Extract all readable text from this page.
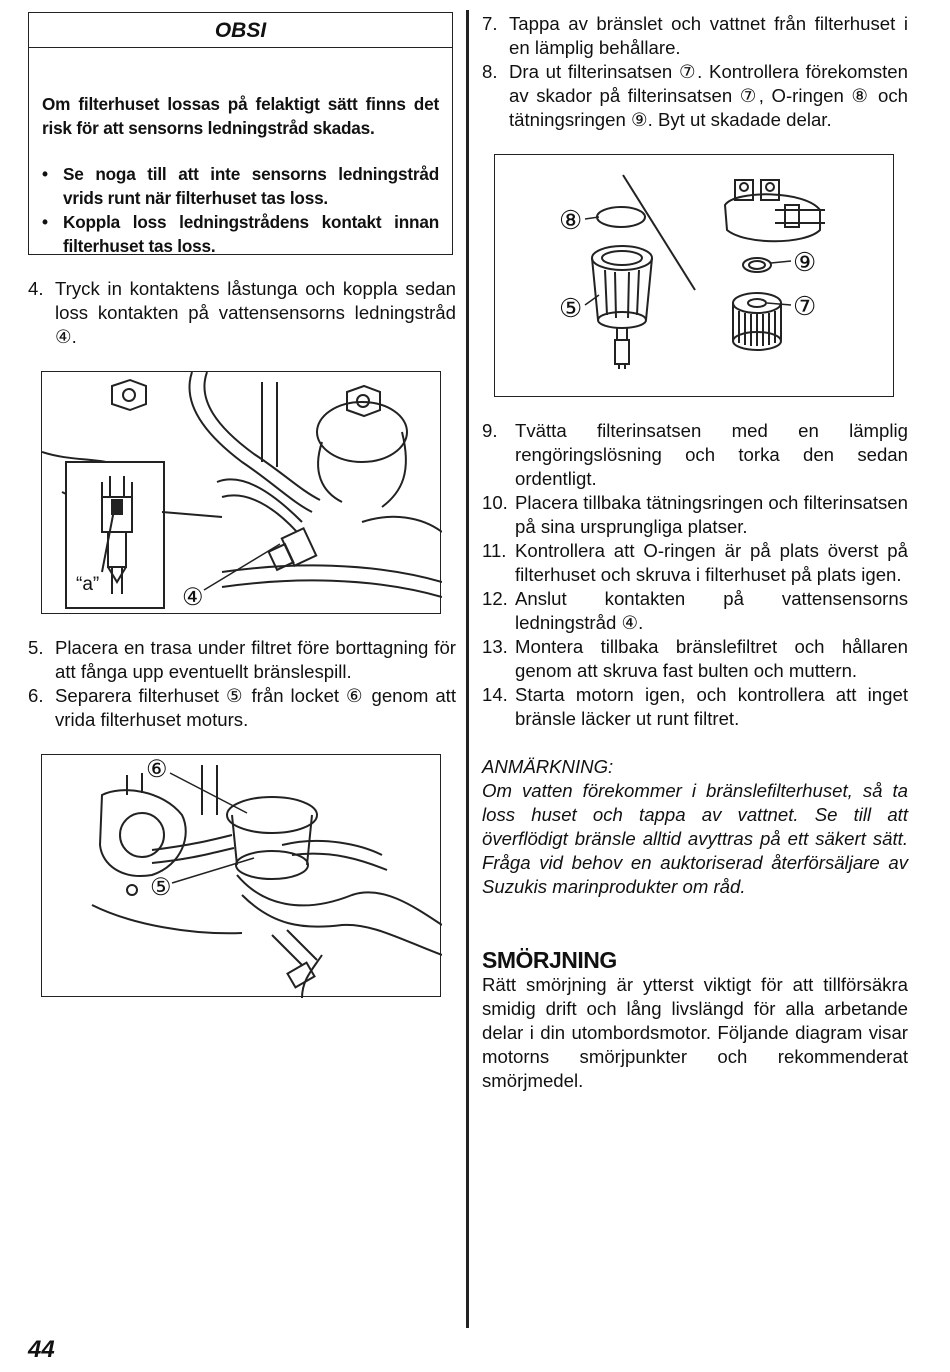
OBSI

Om filterhuset lossas på felaktigt sätt finns det risk för att sensorns ledningstråd skadas.

• Se noga till att inte sensorns ledningstråd vrids runt när filterhuset tas loss.
• Koppla loss ledningstrådens kontakt innan filterhuset tas loss.
4. Tryck in kontaktens låstunga och koppla sedan loss kontakten på vattensensorns ledningstråd ④.
“a”	④
5. Placera en trasa under filtret före borttagning för att fånga upp eventuellt bränslespill.
6. Separera filterhuset ⑤ från locket ⑥ genom att vrida filterhuset moturs.
⑥
⑤
7. Tappa av bränslet och vattnet från filterhuset i en lämplig behållare.
8. Dra ut filterinsatsen ⑦. Kontrollera förekomsten av skador på filterinsatsen ⑦, O-ringen ⑧ och tätningsringen ⑨. Byt ut skadade delar.
⑧
⑤
⑨
⑦
9. Tvätta filterinsatsen med en lämplig rengöringslösning och torka den sedan ordentligt.
10. Placera tillbaka tätningsringen och filterinsatsen på sina ursprungliga platser.
11. Kontrollera att O-ringen är på plats överst på filterhuset och skruva i filterhuset på plats igen.
12. Anslut kontakten på vattensensorns ledningstråd ④.
13. Montera tillbaka bränslefiltret och hållaren genom att skruva fast bulten och muttern.
14. Starta motorn igen, och kontrollera att inget bränsle läcker ut runt filtret.
ANMÄRKNING:

Om vatten förekommer i bränslefilterhuset, så ta loss huset och tappa av vattnet. Se till att överflödigt bränsle alltid avyttras på ett säkert sätt. Fråga vid behov en auktoriserad återförsäljare av Suzukis marinprodukter om råd.

SMÖRJNING

Rätt smörjning är ytterst viktigt för att tillförsäkra smidig drift och lång livslängd för alla arbetande delar i din utombordsmotor. Följande diagram visar motorns smörjpunkter och rekommenderat smörjmedel.

44
